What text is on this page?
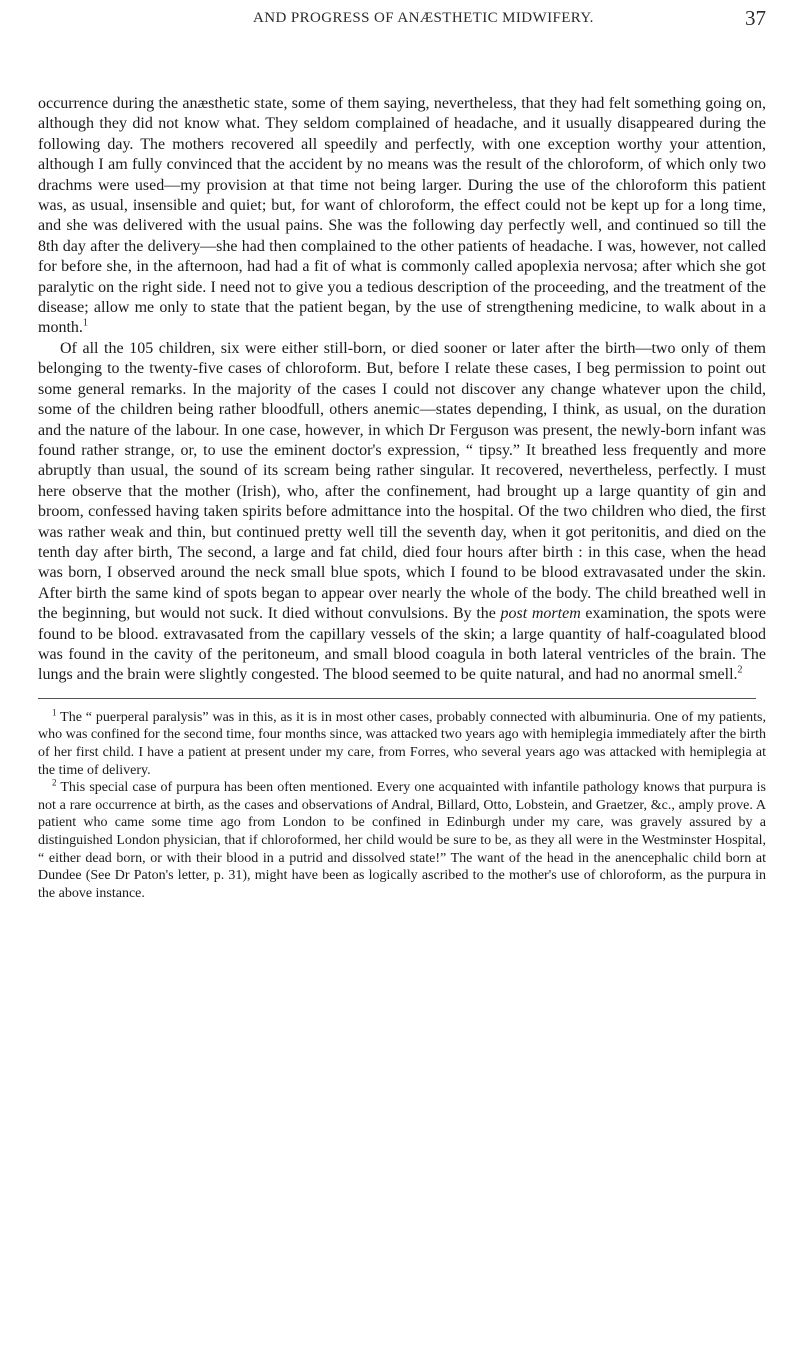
AND PROGRESS OF ANÆSTHETIC MIDWIFERY.	37

occurrence during the anæsthetic state, some of them saying, nevertheless, that they had felt something going on, although they did not know what. They seldom complained of headache, and it usually disappeared during the following day. The mothers recovered all speedily and perfectly, with one exception worthy your attention, although I am fully convinced that the accident by no means was the result of the chloroform, of which only two drachms were used—my provision at that time not being larger. During the use of the chloroform this patient was, as usual, insensible and quiet; but, for want of chloroform, the effect could not be kept up for a long time, and she was delivered with the usual pains. She was the following day perfectly well, and continued so till the 8th day after the delivery—she had then complained to the other patients of headache. I was, however, not called for before she, in the afternoon, had had a fit of what is commonly called apoplexia nervosa; after which she got paralytic on the right side. I need not to give you a tedious description of the proceeding, and the treatment of the disease; allow me only to state that the patient began, by the use of strengthening medicine, to walk about in a month.$^1$

Of all the 105 children, six were either still-born, or died sooner or later after the birth—two only of them belonging to the twenty-five cases of chloroform. But, before I relate these cases, I beg permission to point out some general remarks. In the majority of the cases I could not discover any change whatever upon the child, some of the children being rather bloodfull, others anemic—states depending, I think, as usual, on the duration and the nature of the labour. In one case, however, in which Dr Ferguson was present, the newly-born infant was found rather strange, or, to use the eminent doctor's expression, “ tipsy.” It breathed less frequently and more abruptly than usual, the sound of its scream being rather singular. It recovered, nevertheless, perfectly. I must here observe that the mother (Irish), who, after the confinement, had brought up a large quantity of gin and broom, confessed having taken spirits before admittance into the hospital. Of the two children who died, the first was rather weak and thin, but continued pretty well till the seventh day, when it got peritonitis, and died on the tenth day after birth, The second, a large and fat child, died four hours after birth : in this case, when the head was born, I observed around the neck small blue spots, which I found to be blood extravasated under the skin. After birth the same kind of spots began to appear over nearly the whole of the body. The child breathed well in the beginning, but would not suck. It died without convulsions. By the post mortem examination, the spots were found to be blood. extravasated from the capillary vessels of the skin; a large quantity of half-coagulated blood was found in the cavity of the peritoneum, and small blood coagula in both lateral ventricles of the brain. The lungs and the brain were slightly congested. The blood seemed to be quite natural, and had no anormal smell.$^2$

$^1$ The “ puerperal paralysis” was in this, as it is in most other cases, probably connected with albuminuria. One of my patients, who was confined for the second time, four months since, was attacked two years ago with hemiplegia immediately after the birth of her first child. I have a patient at present under my care, from Forres, who several years ago was attacked with hemiplegia at the time of delivery.

$^2$ This special case of purpura has been often mentioned. Every one acquainted with infantile pathology knows that purpura is not a rare occurrence at birth, as the cases and observations of Andral, Billard, Otto, Lobstein, and Graetzer, &c., amply prove. A patient who came some time ago from London to be confined in Edinburgh under my care, was gravely assured by a distinguished London physician, that if chloroformed, her child would be sure to be, as they all were in the Westminster Hospital, “ either dead born, or with their blood in a putrid and dissolved state!” The want of the head in the anencephalic child born at Dundee (See Dr Paton's letter, p. 31), might have been as logically ascribed to the mother's use of chloroform, as the purpura in the above instance.
